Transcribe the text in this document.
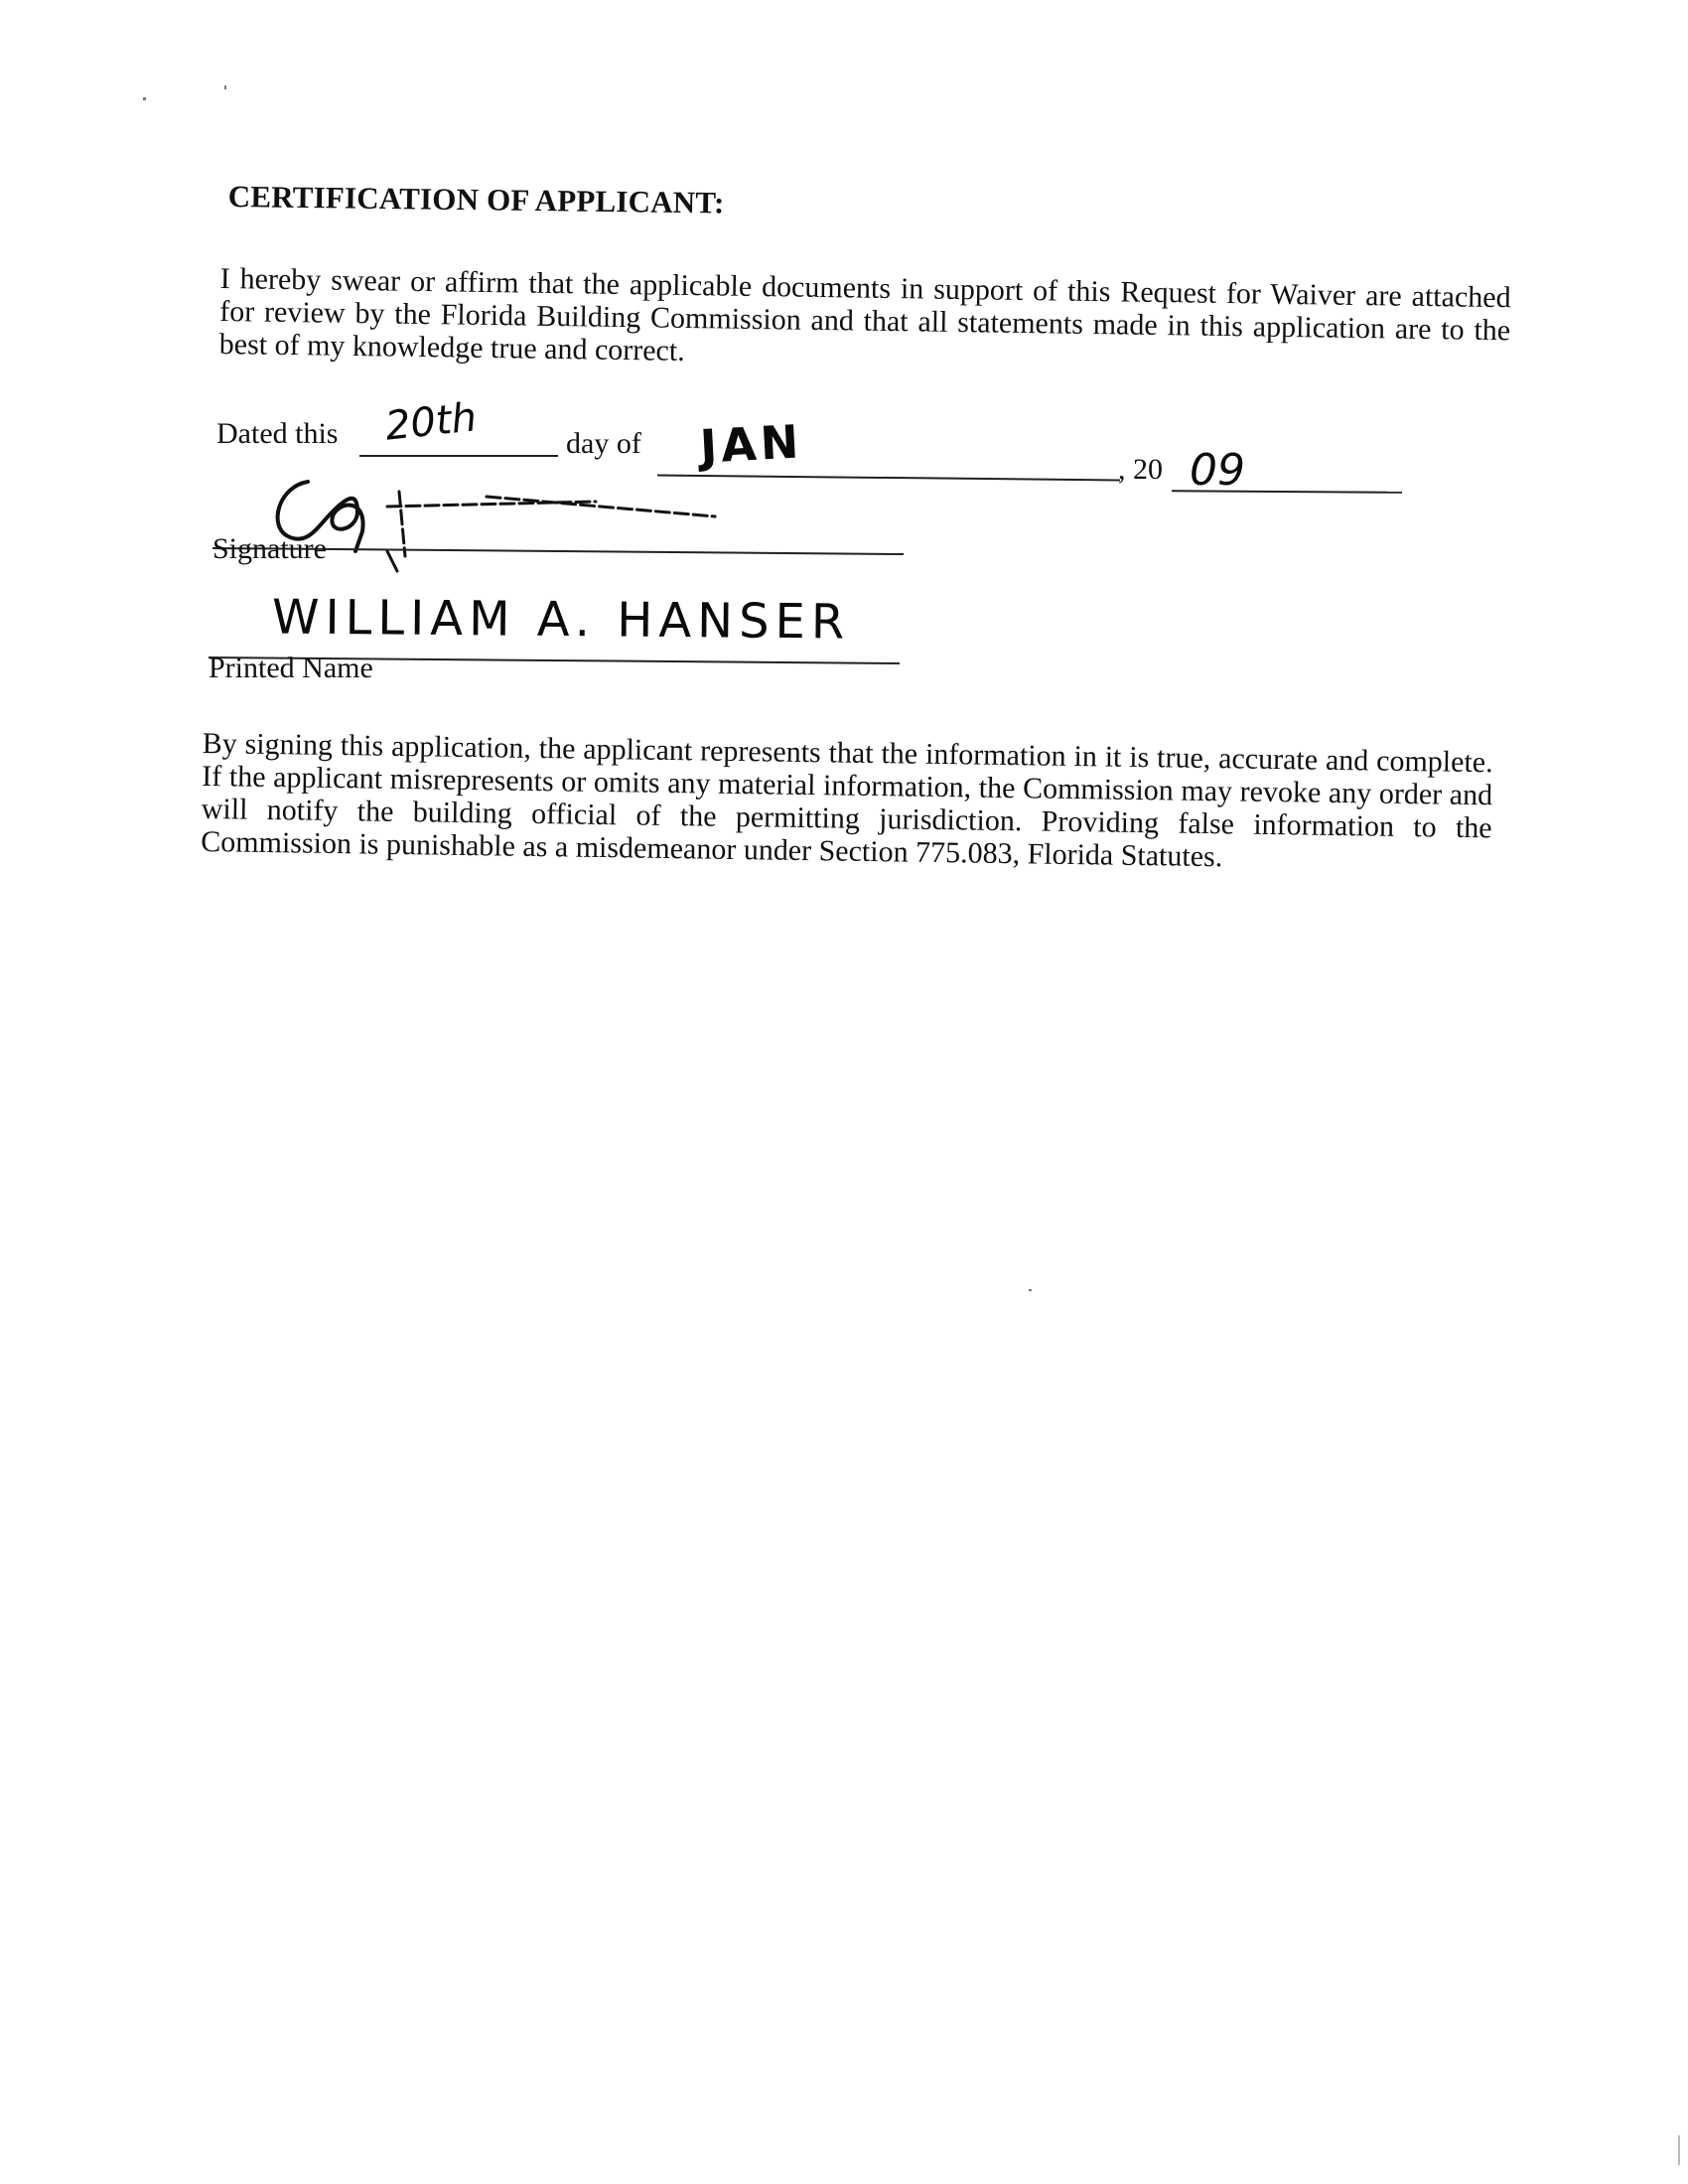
CERTIFICATION OF APPLICANT:
I hereby swear or affirm that the applicable documents in support of this Request for Waiver are attached for review by the Florida Building Commission and that all statements made in this application are to the best of my knowledge true and correct.
Dated this 20th	day of JAN	, 20 09
Signature
WILLIAM A. HANSER
Printed Name
By signing this application, the applicant represents that the information in it is true, accurate and complete. If the applicant misrepresents or omits any material information, the Commission may revoke any order and will notify the building official of the permitting jurisdiction. Providing false information to the Commission is punishable as a misdemeanor under Section 775.083, Florida Statutes.
